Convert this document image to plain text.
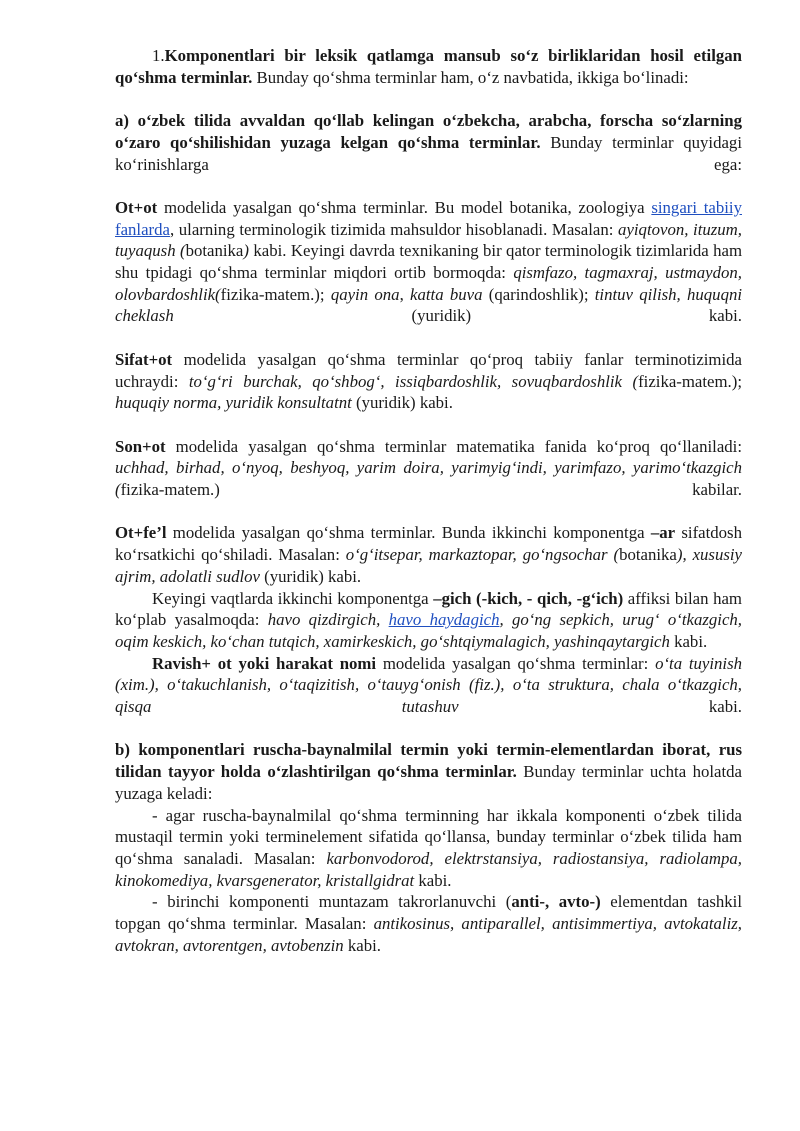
1.Komponentlari bir leksik qatlamga mansub so‘z birliklaridan hosil etilgan qo‘shma terminlar. Bunday qo‘shma terminlar ham, o‘z navbatida, ikkiga bo‘linadi:

a) o‘zbek tilida avvaldan qo‘llab kelingan o‘zbekcha, arabcha, forscha so‘zlarning o‘zaro qo‘shilishidan yuzaga kelgan qo‘shma terminlar. Bunday terminlar quyidagi ko‘rinishlarga ega:

Ot+ot modelida yasalgan qo‘shma terminlar. Bu model botanika, zoologiya singari tabiiy fanlarda, ularning terminologik tizimida mahsuldor hisoblanadi. Masalan: ayiqtovon, ituzum, tuyaqush (botanika) kabi. Keyingi davrda texnikaning bir qator terminologik tizimlarida ham shu tpidagi qo‘shma terminlar miqdori ortib bormoqda: qismfazo, tagmaxraj, ustmaydon, olovbardoshlik(fizika-matem.); qayin ona, katta buva (qarindoshlik); tintuv qilish, huquqni cheklash (yuridik) kabi.

Sifat+ot modelida yasalgan qo‘shma terminlar qo‘proq tabiiy fanlar terminotizimida uchraydi: to‘g‘ri burchak, qo‘shbog‘, issiqbardoshlik, sovuqbardoshlik (fizika-matem.); huquqiy norma, yuridik konsultatnt (yuridik) kabi.

Son+ot modelida yasalgan qo‘shma terminlar matematika fanida ko‘proq qo‘llaniladi: uchhad, birhad, o‘nyoq, beshyoq, yarim doira, yarimyig‘indi, yarimfazo, yarimo‘tkazgich (fizika-matem.) kabilar.

Ot+fe’l modelida yasalgan qo‘shma terminlar. Bunda ikkinchi komponentga –ar sifatdosh ko‘rsatkichi qo‘shiladi. Masalan: o‘g‘itsepar, markaztopar, go‘ngsochar (botanika), xususiy ajrim, adolatli sudlov (yuridik) kabi.

Keyingi vaqtlarda ikkinchi komponentga –gich (-kich, - qich, -g‘ich) affiksi bilan ham ko‘plab yasalmoqda: havo qizdirgich, havo haydagich, go‘ng sepkich, urug‘ o‘tkazgich, oqim keskich, ko‘chan tutqich, xamirkeskich, go‘shtqiymalagich, yashinqaytargich kabi.

Ravish+ ot yoki harakat nomi modelida yasalgan qo‘shma terminlar: o‘ta tuyinish (xim.), o‘takuchlanish, o‘taqizitish, o‘tauyg‘onish (fiz.), o‘ta struktura, chala o‘tkazgich, qisqa tutashuv kabi.

b) komponentlari ruscha-baynalmilal termin yoki termin-elementlardan iborat, rus tilidan tayyor holda o‘zlashtirilgan qo‘shma terminlar. Bunday terminlar uchta holatda yuzaga keladi:

- agar ruscha-baynalmilal qo‘shma terminning har ikkala komponenti o‘zbek tilida mustaqil termin yoki terminelement sifatida qo‘llansa, bunday terminlar o‘zbek tilida ham qo‘shma sanaladi. Masalan: karbonvodorod, elektrstansiya, radiostansiya, radiolampa, kinokomediya, kvarsgenerator, kristallgidrat kabi.

- birinchi komponenti muntazam takrorlanuvchi (anti-, avto-) elementdan tashkil topgan qo‘shma terminlar. Masalan: antikosinus, antiparallel, antisimmertiya, avtokataliz, avtokran, avtorentgen, avtobenzin kabi.
